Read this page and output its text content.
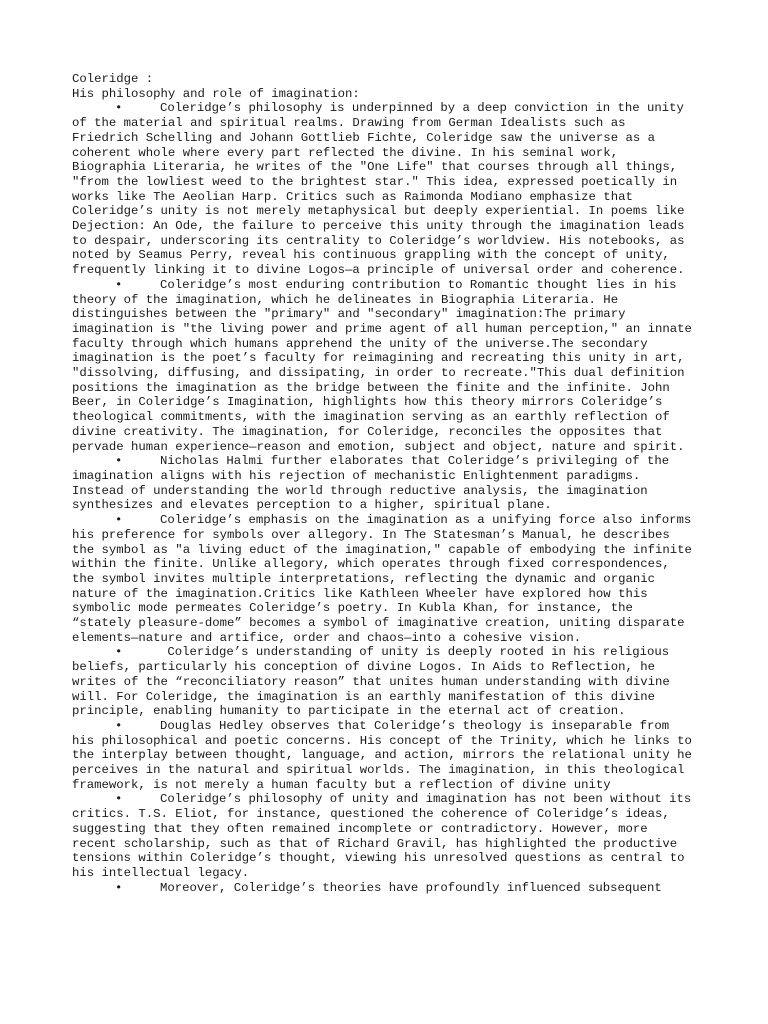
Coleridge :

His philosophy and role of imagination:

•	Coleridge’s philosophy is underpinned by a deep conviction in the unity of the material and spiritual realms. Drawing from German Idealists such as Friedrich Schelling and Johann Gottlieb Fichte, Coleridge saw the universe as a coherent whole where every part reflected the divine. In his seminal work, Biographia Literaria, he writes of the "One Life" that courses through all things, "from the lowliest weed to the brightest star." This idea, expressed poetically in works like The Aeolian Harp. Critics such as Raimonda Modiano emphasize that Coleridge’s unity is not merely metaphysical but deeply experiential. In poems like Dejection: An Ode, the failure to perceive this unity through the imagination leads to despair, underscoring its centrality to Coleridge’s worldview. His notebooks, as noted by Seamus Perry, reveal his continuous grappling with the concept of unity, frequently linking it to divine Logos—a principle of universal order and coherence.

•	Coleridge’s most enduring contribution to Romantic thought lies in his theory of the imagination, which he delineates in Biographia Literaria. He distinguishes between the "primary" and "secondary" imagination:The primary imagination is "the living power and prime agent of all human perception," an innate faculty through which humans apprehend the unity of the universe.The secondary imagination is the poet’s faculty for reimagining and recreating this unity in art, "dissolving, diffusing, and dissipating, in order to recreate."This dual definition positions the imagination as the bridge between the finite and the infinite. John Beer, in Coleridge’s Imagination, highlights how this theory mirrors Coleridge’s theological commitments, with the imagination serving as an earthly reflection of divine creativity. The imagination, for Coleridge, reconciles the opposites that pervade human experience—reason and emotion, subject and object, nature and spirit.

•	Nicholas Halmi further elaborates that Coleridge’s privileging of the imagination aligns with his rejection of mechanistic Enlightenment paradigms. Instead of understanding the world through reductive analysis, the imagination synthesizes and elevates perception to a higher, spiritual plane.

•	Coleridge’s emphasis on the imagination as a unifying force also informs his preference for symbols over allegory. In The Statesman’s Manual, he describes the symbol as "a living educt of the imagination," capable of embodying the infinite within the finite. Unlike allegory, which operates through fixed correspondences, the symbol invites multiple interpretations, reflecting the dynamic and organic nature of the imagination.Critics like Kathleen Wheeler have explored how this symbolic mode permeates Coleridge’s poetry. In Kubla Khan, for instance, the “stately pleasure-dome” becomes a symbol of imaginative creation, uniting disparate elements—nature and artifice, order and chaos—into a cohesive vision.

•	Coleridge’s understanding of unity is deeply rooted in his religious beliefs, particularly his conception of divine Logos. In Aids to Reflection, he writes of the “reconciliatory reason” that unites human understanding with divine will. For Coleridge, the imagination is an earthly manifestation of this divine principle, enabling humanity to participate in the eternal act of creation.

•	Douglas Hedley observes that Coleridge’s theology is inseparable from his philosophical and poetic concerns. His concept of the Trinity, which he links to the interplay between thought, language, and action, mirrors the relational unity he perceives in the natural and spiritual worlds. The imagination, in this theological framework, is not merely a human faculty but a reflection of divine unity

•	Coleridge’s philosophy of unity and imagination has not been without its critics. T.S. Eliot, for instance, questioned the coherence of Coleridge’s ideas, suggesting that they often remained incomplete or contradictory. However, more recent scholarship, such as that of Richard Gravil, has highlighted the productive tensions within Coleridge’s thought, viewing his unresolved questions as central to his intellectual legacy.

•	Moreover, Coleridge’s theories have profoundly influenced subsequent
